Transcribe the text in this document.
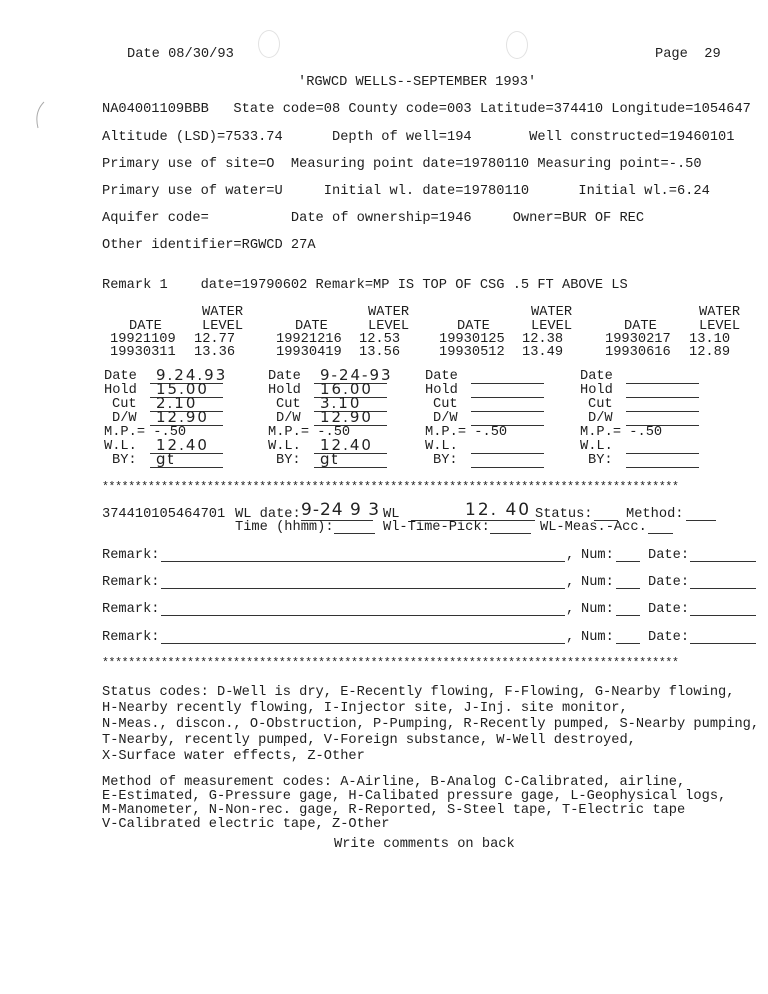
Date 08/30/93	Page  29
'RGWCD WELLS--SEPTEMBER 1993'
NA04001109BBB   State code=08 County code=003 Latitude=374410 Longitude=1054647
Altitude (LSD)=7533.74      Depth of well=194       Well constructed=19460101
Primary use of site=O  Measuring point date=19780110 Measuring point=-.50
Primary use of water=U     Initial wl. date=19780110      Initial wl.=6.24
Aquifer code=          Date of ownership=1946     Owner=BUR OF REC
Other identifier=RGWCD 27A
Remark 1    date=19790602 Remark=MP IS TOP OF CSG .5 FT ABOVE LS
WATER
DATE	LEVEL
19921109 12.77
19930311 13.36
WATER
DATE	LEVEL
19921216 12.53
19930419 13.56
WATER
DATE	LEVEL
19930125 12.38
19930512 13.49
WATER
DATE	LEVEL
19930217 13.10
19930616 12.89
Date 9.24.93
Hold 15.00
Cut 2.10
D/W 12.90
M.P.= -.50
W.L. 12.40
BY: gt
Date 9-24-93
Hold 16.00
Cut 3.10
D/W 12.90
M.P.= -.50
W.L. 12.40
BY: gt
Date
Hold
Cut
D/W
M.P.= -.50
W.L.
BY:
Date
Hold
Cut
D/W
M.P.= -.50
W.L.
BY:
****************************************************************************************
374410105464701 WL date: 9-24 9 3 WL	12. 40 Status: Method:
Time (hhmm):	Wl-Time-Pick:	WL-Meas.-Acc.
Remark:	, Num: Date:
Remark:	, Num: Date:
Remark:	, Num: Date:
Remark:	, Num: Date:
****************************************************************************************
Status codes: D-Well is dry, E-Recently flowing, F-Flowing, G-Nearby flowing,
H-Nearby recently flowing, I-Injector site, J-Inj. site monitor,
N-Meas., discon., O-Obstruction, P-Pumping, R-Recently pumped, S-Nearby pumping,
T-Nearby, recently pumped, V-Foreign substance, W-Well destroyed,
X-Surface water effects, Z-Other
Method of measurement codes: A-Airline, B-Analog C-Calibrated, airline,
E-Estimated, G-Pressure gage, H-Calibated pressure gage, L-Geophysical logs,
M-Manometer, N-Non-rec. gage, R-Reported, S-Steel tape, T-Electric tape
V-Calibrated electric tape, Z-Other
Write comments on back
